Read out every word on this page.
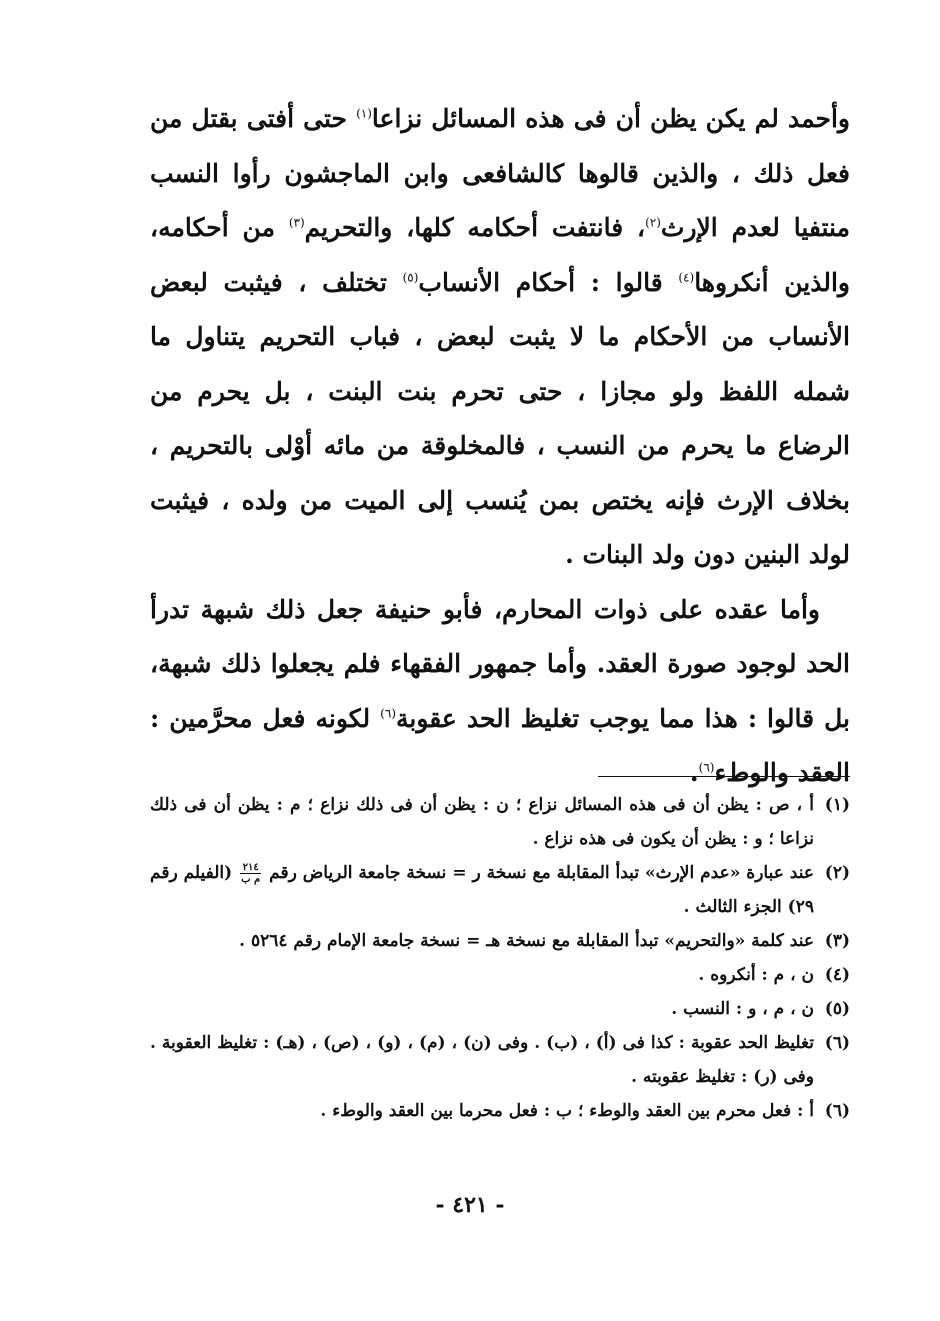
وأحمد لم يكن يظن أن فى هذه المسائل نزاعا$^{(١)}$ حتى أفتى بقتل من فعل ذلك ، والذين قالوها كالشافعى وابن الماجشون رأوا النسب منتفيا لعدم الإرث$^{(٢)}$، فانتفت أحكامه كلها، والتحريم$^{(٣)}$ من أحكامه، والذين أنكروها$^{(٤)}$ قالوا : أحكام الأنساب$^{(٥)}$ تختلف ، فيثبت لبعض الأنساب من الأحكام ما لا يثبت لبعض ، فباب التحريم يتناول ما شمله اللفظ ولو مجازا ، حتى تحرم بنت البنت ، بل يحرم من الرضاع ما يحرم من النسب ، فالمخلوقة من مائه أوْلى بالتحريم ، بخلاف الإرث فإنه يختص بمن يُنسب إلى الميت من ولده ، فيثبت لولد البنين دون ولد البنات .

وأما عقده على ذوات المحارم، فأبو حنيفة جعل ذلك شبهة تدرأ الحد لوجود صورة العقد. وأما جمهور الفقهاء فلم يجعلوا ذلك شبهة، بل قالوا : هذا مما يوجب تغليظ الحد عقوبة$^{(٦)}$ لكونه فعل محرَّمين : العقد والوطء$^{(٦)}$.

(١)
أ ، ص : يظن أن فى هذه المسائل نزاع ؛ ن : يظن أن فى ذلك نزاع ؛ م : يظن أن فى ذلك نزاعا ؛ و : يظن أن يكون فى هذه نزاع .
(٢)
عند عبارة «عدم الإرث» تبدأ المقابلة مع نسخة ر = نسخة جامعة الرياض رقم
$\frac{٢١٤}{\text{م ب}}$
(الفيلم رقم ٢٩) الجزء الثالث .
(٣)
عند كلمة «والتحريم» تبدأ المقابلة مع نسخة هـ = نسخة جامعة الإمام رقم ٥٢٦٤ .
(٤)
ن ، م : أنكروه .
(٥)
ن ، م ، و : النسب .
(٦)
تغليظ الحد عقوبة : كذا فى (أ) ، (ب) . وفى (ن) ، (م) ، (و) ، (ص) ، (هـ) : تغليظ العقوبة . وفى (ر) : تغليظ عقوبته .
(٦)
أ : فعل محرم بين العقد والوطء ؛ ب : فعل محرما بين العقد والوطء .
- ٤٢١ -
